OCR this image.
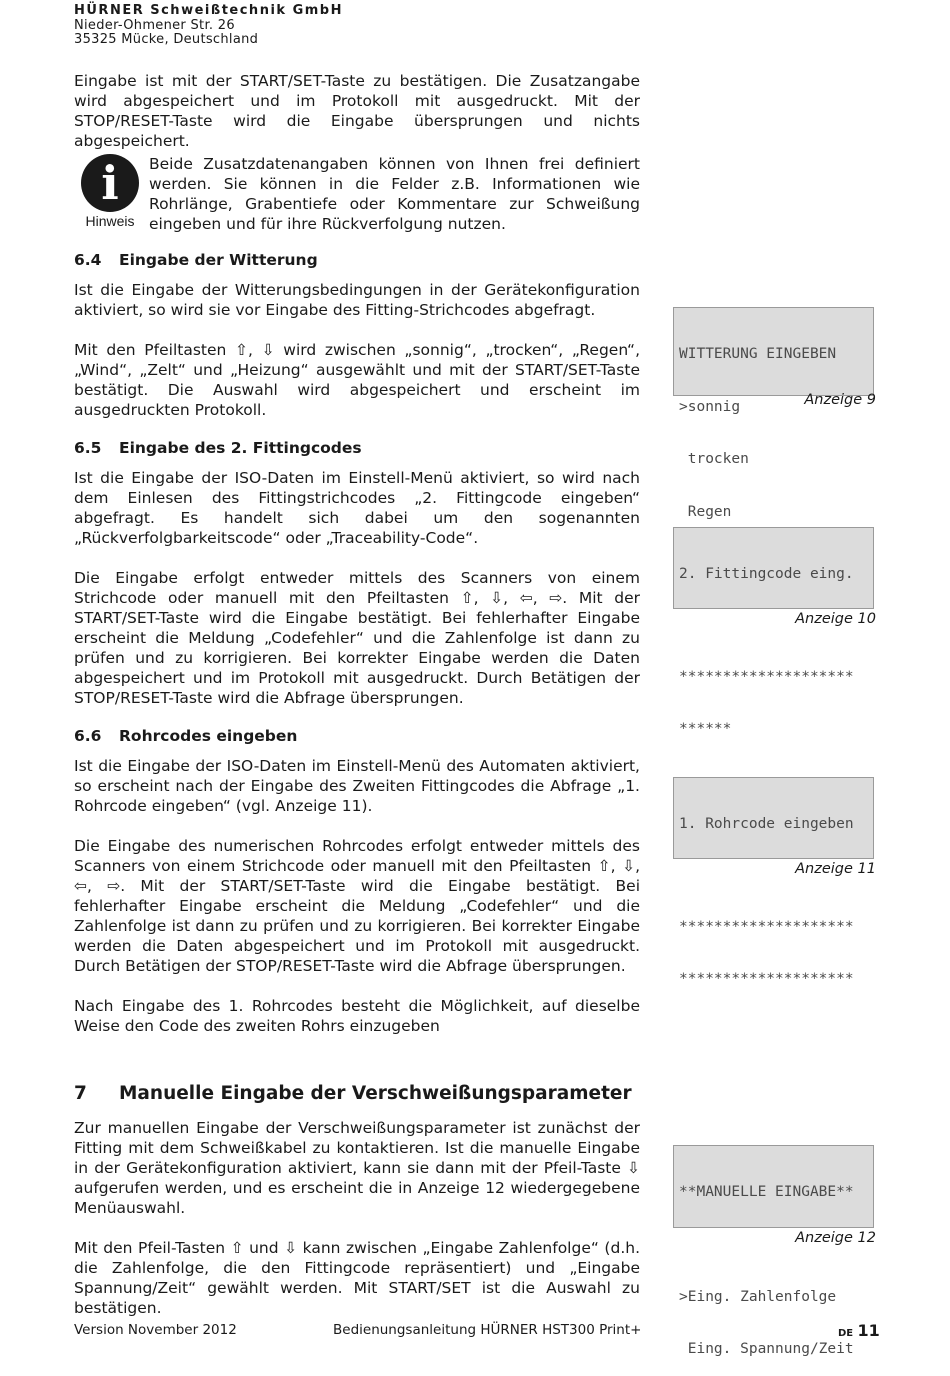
HÜRNER Schweißtechnik GmbH
Nieder-Ohmener Str. 26
35325 Mücke, Deutschland

Eingabe ist mit der START/SET-Taste zu bestätigen. Die Zusatzangabe wird abgespeichert und im Protokoll mit ausgedruckt. Mit der STOP/RESET-Taste wird die Eingabe übersprungen und nichts abgespeichert.

i
Hinweis

Beide Zusatzdatenangaben können von Ihnen frei definiert werden. Sie können in die Felder z.B. Informationen wie Rohrlänge, Grabentiefe oder Kommentare zur Schweißung eingeben und für ihre Rückverfolgung nutzen.

6.4	Eingabe der Witterung

Ist die Eingabe der Witterungsbedingungen in der Gerätekonfiguration aktiviert, so wird sie vor Eingabe des Fitting-Strichcodes abgefragt.

Mit den Pfeiltasten ⇧, ⇩ wird zwischen „sonnig“, „trocken“, „Regen“, „Wind“, „Zelt“ und „Heizung“ ausgewählt und mit der START/SET-Taste bestätigt. Die Auswahl wird abgespeichert und erscheint im ausgedruckten Protokoll.

6.5	Eingabe des 2. Fittingcodes

Ist die Eingabe der ISO-Daten im Einstell-Menü aktiviert, so wird nach dem Einlesen des Fittingstrichcodes „2. Fittingcode eingeben“ abgefragt. Es handelt sich dabei um den sogenannten „Rückverfolgbarkeitscode“ oder „Traceability-Code“.

Die Eingabe erfolgt entweder mittels des Scanners von einem Strichcode oder manuell mit den Pfeiltasten ⇧, ⇩, ⇦, ⇨. Mit der START/SET-Taste wird die Eingabe bestätigt. Bei fehlerhafter Eingabe erscheint die Meldung „Codefehler“ und die Zahlenfolge ist dann zu prüfen und zu korrigieren. Bei korrekter Eingabe werden die Daten abgespeichert und im Protokoll mit ausgedruckt. Durch Betätigen der STOP/RESET-Taste wird die Abfrage übersprungen.

6.6	Rohrcodes eingeben

Ist die Eingabe der ISO-Daten im Einstell-Menü des Automaten aktiviert, so erscheint nach der Eingabe des Zweiten Fittingcodes die Abfrage „1. Rohrcode eingeben“ (vgl. Anzeige 11).

Die Eingabe des numerischen Rohrcodes erfolgt entweder mittels des Scanners von einem Strichcode oder manuell mit den Pfeiltasten ⇧, ⇩, ⇦, ⇨. Mit der START/SET-Taste wird die Eingabe bestätigt. Bei fehlerhafter Eingabe erscheint die Meldung „Codefehler“ und die Zahlenfolge ist dann zu prüfen und zu korrigieren. Bei korrekter Eingabe werden die Daten abgespeichert und im Protokoll mit ausgedruckt. Durch Betätigen der STOP/RESET-Taste wird die Abfrage übersprungen.

Nach Eingabe des 1. Rohrcodes besteht die Möglichkeit, auf dieselbe Weise den Code des zweiten Rohrs einzugeben

7	Manuelle Eingabe der Verschweißungsparameter

Zur manuellen Eingabe der Verschweißungsparameter ist zunächst der Fitting mit dem Schweißkabel zu kontaktieren. Ist die manuelle Eingabe in der Gerätekonfiguration aktiviert, kann sie dann mit der Pfeil-Taste ⇩ aufgerufen werden, und es erscheint die in Anzeige 12 wiedergegebene Menüauswahl.

Mit den Pfeil-Tasten ⇧ und ⇩ kann zwischen „Eingabe Zahlenfolge“ (d.h. die Zahlenfolge, die den Fittingcode repräsentiert) und „Eingabe Spannung/Zeit“ gewählt werden. Mit START/SET ist die Auswahl zu bestätigen.

WITTERUNG EINGEBEN

>sonnig

trocken

Regen

Anzeige 9

2. Fittingcode eing.

********************

******

Anzeige 10

1. Rohrcode eingeben

********************

********************

Anzeige 11

**MANUELLE EINGABE**

>Eing. Zahlenfolge

Eing. Spannung/Zeit

Anzeige 12
Version November 2012	Bedienungsanleitung HÜRNER HST300 Print+	DE 11
